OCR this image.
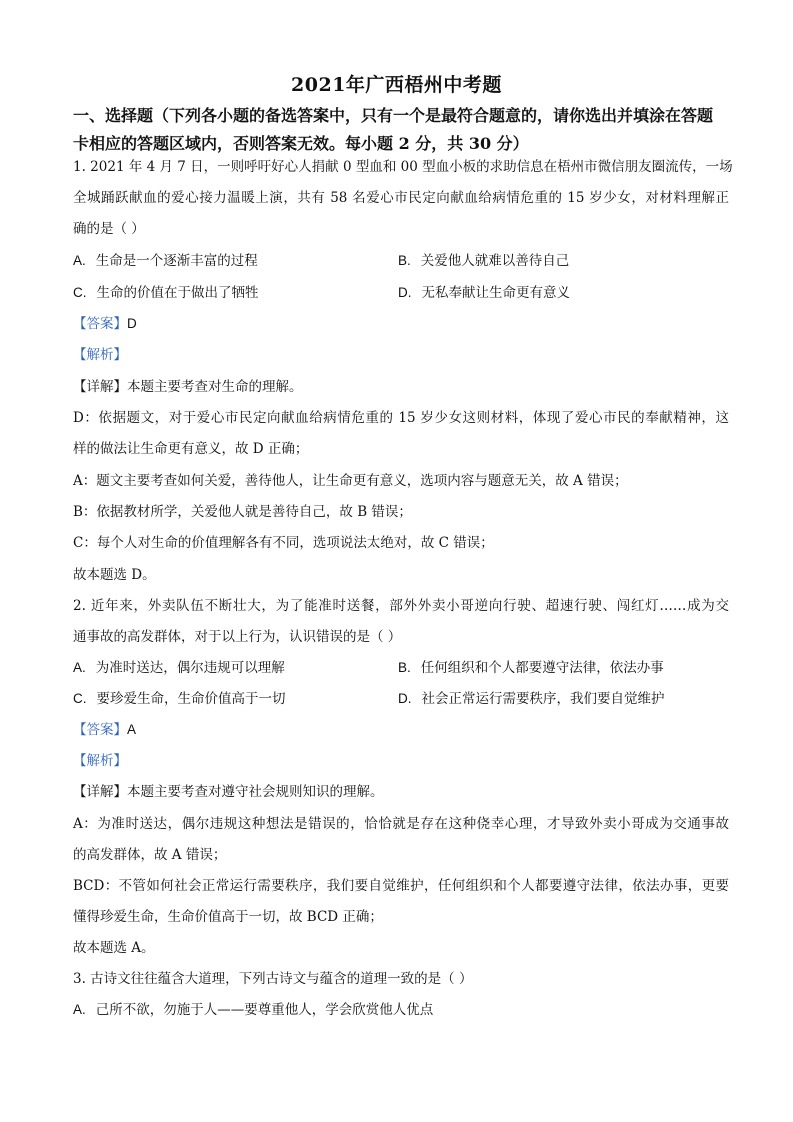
2021年广西梧州中考题
一、选择题（下列各小题的备选答案中，只有一个是最符合题意的，请你选出并填涂在答题
卡相应的答题区域内，否则答案无效。每小题 2 分，共 30 分）
1. 2021 年 4 月 7 日，一则呼吁好心人捐献 0 型血和 00 型血小板的求助信息在梧州市微信朋友圈流传，一场
全城踊跃献血的爱心接力温暖上演，共有 58 名爱心市民定向献血给病情危重的 15 岁少女，对材料理解正
确的是（ ）
A. 生命是一个逐渐丰富的过程	B. 关爱他人就难以善待自己
C. 生命的价值在于做出了牺牲	D. 无私奉献让生命更有意义
【答案】D
【解析】
【详解】本题主要考查对生命的理解。
D：依据题文，对于爱心市民定向献血给病情危重的 15 岁少女这则材料，体现了爱心市民的奉献精神，这
样的做法让生命更有意义，故 D 正确；
A：题文主要考查如何关爱，善待他人，让生命更有意义，选项内容与题意无关，故 A 错误；
B：依据教材所学，关爱他人就是善待自己，故 B 错误；
C：每个人对生命的价值理解各有不同，选项说法太绝对，故 C 错误；
故本题选 D。
2. 近年来，外卖队伍不断壮大，为了能准时送餐，部外外卖小哥逆向行驶、超速行驶、闯红灯……成为交
通事故的高发群体，对于以上行为，认识错误的是（ ）
A. 为准时送达，偶尔违规可以理解	B. 任何组织和个人都要遵守法律，依法办事
C. 要珍爱生命，生命价值高于一切	D. 社会正常运行需要秩序，我们要自觉维护
【答案】A
【解析】
【详解】本题主要考查对遵守社会规则知识的理解。
A：为准时送达，偶尔违规这种想法是错误的，恰恰就是存在这种侥幸心理，才导致外卖小哥成为交通事故
的高发群体，故 A 错误；
BCD：不管如何社会正常运行需要秩序，我们要自觉维护，任何组织和个人都要遵守法律，依法办事，更要
懂得珍爱生命，生命价值高于一切，故 BCD 正确；
故本题选 A。
3. 古诗文往往蕴含大道理，下列古诗文与蕴含的道理一致的是（ ）
A. 己所不欲，勿施于人——要尊重他人，学会欣赏他人优点
